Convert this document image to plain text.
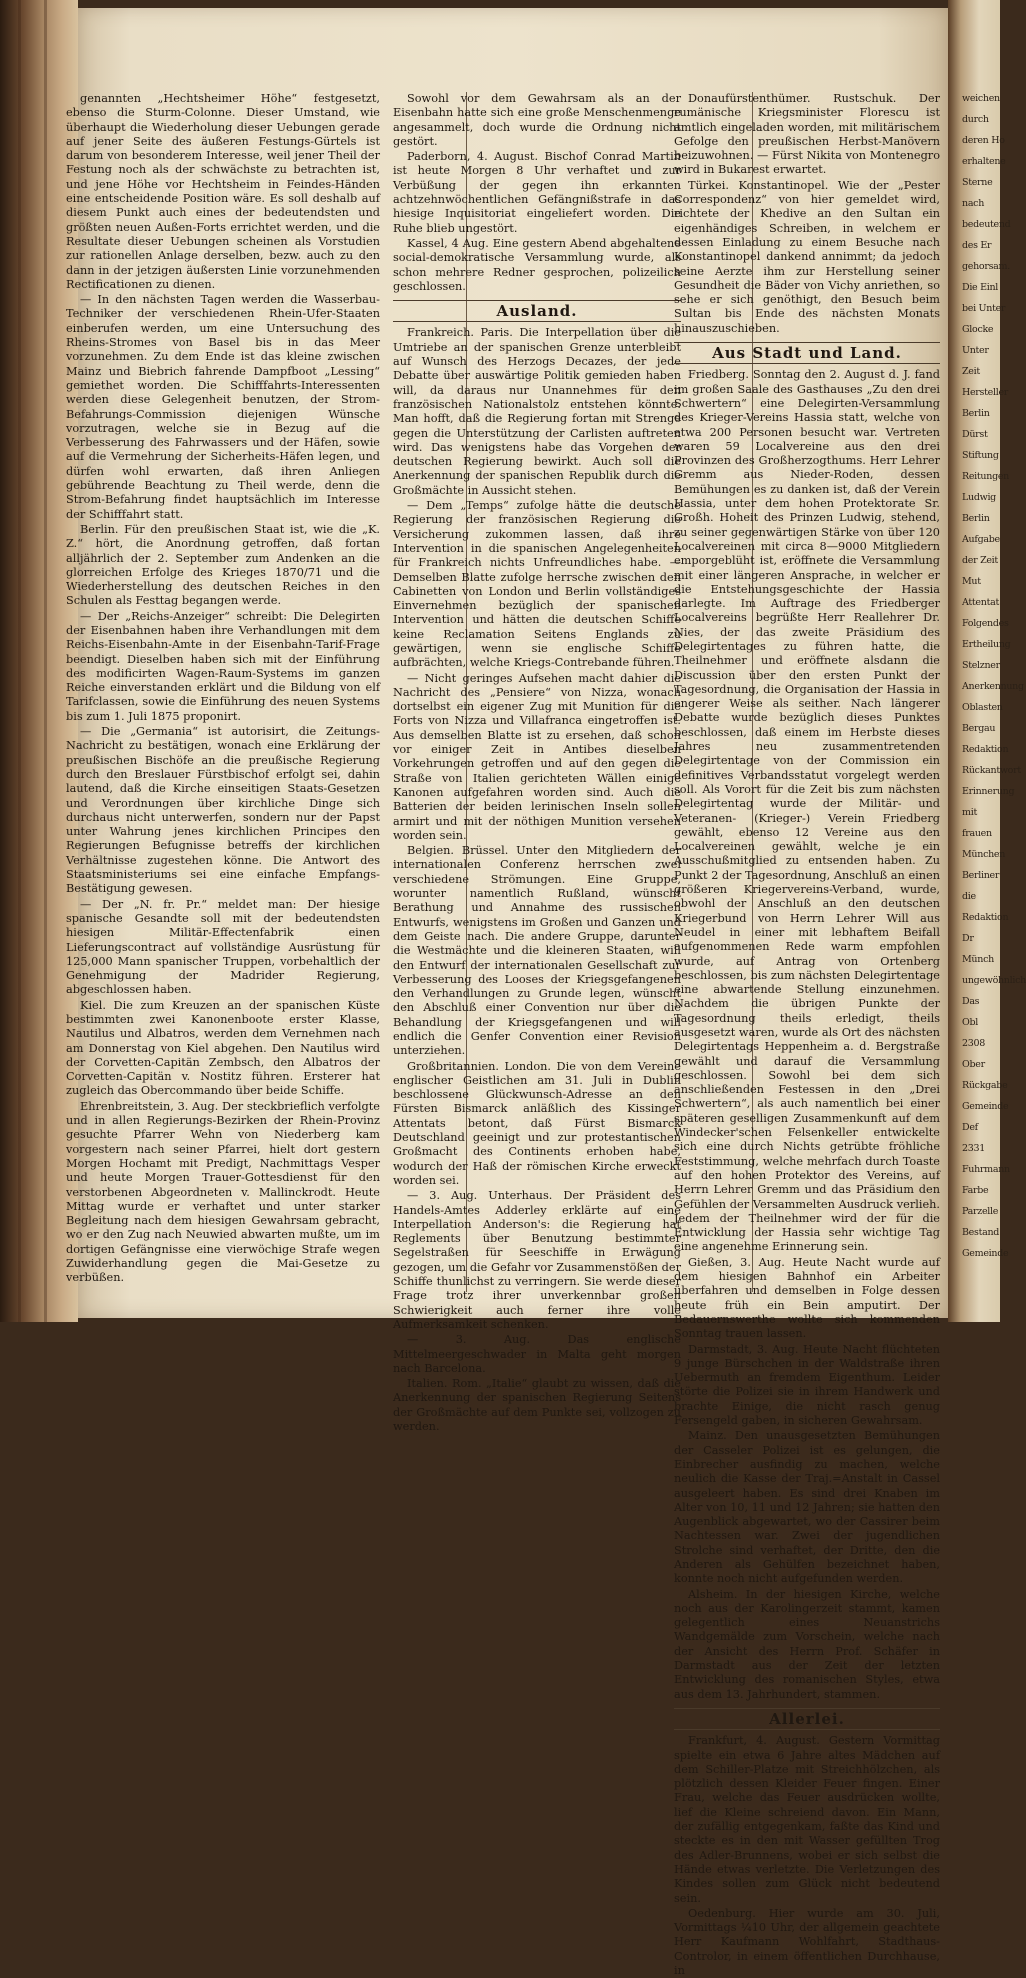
genannten „Hechtsheimer Höhe“ festgesetzt, ebenso die Sturm-Colonne. Dieser Umstand, wie überhaupt die Wiederholung dieser Uebungen gerade auf jener Seite des äußeren Festungs-Gürtels ist darum von besonderem Interesse, weil jener Theil der Festung noch als der schwächste zu betrachten ist, und jene Höhe vor Hechtsheim in Feindes-Händen eine entscheidende Position wäre. Es soll deshalb auf diesem Punkt auch eines der bedeutendsten und größten neuen Außen-Forts errichtet werden, und die Resultate dieser Uebungen scheinen als Vorstudien zur rationellen Anlage derselben, bezw. auch zu den dann in der jetzigen äußersten Linie vorzunehmenden Rectificationen zu dienen.

— In den nächsten Tagen werden die Wasserbau-Techniker der verschiedenen Rhein-Ufer-Staaten einberufen werden, um eine Untersuchung des Rheins-Stromes von Basel bis in das Meer vorzunehmen. Zu dem Ende ist das kleine zwischen Mainz und Biebrich fahrende Dampfboot „Lessing“ gemiethet worden. Die Schifffahrts-Interessenten werden diese Gelegenheit benutzen, der Strom-Befahrungs-Commission diejenigen Wünsche vorzutragen, welche sie in Bezug auf die Verbesserung des Fahrwassers und der Häfen, sowie auf die Vermehrung der Sicherheits-Häfen legen, und dürfen wohl erwarten, daß ihren Anliegen gebührende Beachtung zu Theil werde, denn die Strom-Befahrung findet hauptsächlich im Interesse der Schifffahrt statt.

Berlin. Für den preußischen Staat ist, wie die „K. Z.“ hört, die Anordnung getroffen, daß fortan alljährlich der 2. September zum Andenken an die glorreichen Erfolge des Krieges 1870/71 und die Wiederherstellung des deutschen Reiches in den Schulen als Festtag begangen werde.

— Der „Reichs-Anzeiger“ schreibt: Die Delegirten der Eisenbahnen haben ihre Verhandlungen mit dem Reichs-Eisenbahn-Amte in der Eisenbahn-Tarif-Frage beendigt. Dieselben haben sich mit der Einführung des modificirten Wagen-Raum-Systems im ganzen Reiche einverstanden erklärt und die Bildung von elf Tarifclassen, sowie die Einführung des neuen Systems bis zum 1. Juli 1875 proponirt.

— Die „Germania“ ist autorisirt, die Zeitungs-Nachricht zu bestätigen, wonach eine Erklärung der preußischen Bischöfe an die preußische Regierung durch den Breslauer Fürstbischof erfolgt sei, dahin lautend, daß die Kirche einseitigen Staats-Gesetzen und Verordnungen über kirchliche Dinge sich durchaus nicht unterwerfen, sondern nur der Papst unter Wahrung jenes kirchlichen Principes den Regierungen Befugnisse betreffs der kirchlichen Verhältnisse zugestehen könne. Die Antwort des Staatsministeriums sei eine einfache Empfangs-Bestätigung gewesen.

— Der „N. fr. Pr.“ meldet man: Der hiesige spanische Gesandte soll mit der bedeutendsten hiesigen Militär-Effectenfabrik einen Lieferungscontract auf vollständige Ausrüstung für 125,000 Mann spanischer Truppen, vorbehaltlich der Genehmigung der Madrider Regierung, abgeschlossen haben.

Kiel. Die zum Kreuzen an der spanischen Küste bestimmten zwei Kanonenboote erster Klasse, Nautilus und Albatros, werden dem Vernehmen nach am Donnerstag von Kiel abgehen. Den Nautilus wird der Corvetten-Capitän Zembsch, den Albatros der Corvetten-Capitän v. Nostitz führen. Ersterer hat zugleich das Obercommando über beide Schiffe.

Ehrenbreitstein, 3. Aug. Der steckbrieflich verfolgte und in allen Regierungs-Bezirken der Rhein-Provinz gesuchte Pfarrer Wehn von Niederberg kam vorgestern nach seiner Pfarrei, hielt dort gestern Morgen Hochamt mit Predigt, Nachmittags Vesper und heute Morgen Trauer-Gottesdienst für den verstorbenen Abgeordneten v. Mallinckrodt. Heute Mittag wurde er verhaftet und unter starker Begleitung nach dem hiesigen Gewahrsam gebracht, wo er den Zug nach Neuwied abwarten mußte, um im dortigen Gefängnisse eine vierwöchige Strafe wegen Zuwiderhandlung gegen die Mai-Gesetze zu verbüßen.

Sowohl vor dem Gewahrsam als an der Eisenbahn hatte sich eine große Menschenmenge angesammelt, doch wurde die Ordnung nicht gestört.

Paderborn, 4. August. Bischof Conrad Martin ist heute Morgen 8 Uhr verhaftet und zur Verbüßung der gegen ihn erkannten achtzehnwöchentlichen Gefängnißstrafe in das hiesige Inquisitoriat eingeliefert worden. Die Ruhe blieb ungestört.

Kassel, 4 Aug. Eine gestern Abend abgehaltene social-demokratische Versammlung wurde, als schon mehrere Redner gesprochen, polizeilich geschlossen.

Ausland.

Frankreich. Paris. Die Interpellation über die Umtriebe an der spanischen Grenze unterbleibt auf Wunsch des Herzogs Decazes, der jede Debatte über auswärtige Politik gemieden haben will, da daraus nur Unannehmes für den französischen Nationalstolz entstehen könnte. Man hofft, daß die Regierung fortan mit Strenge gegen die Unterstützung der Carlisten auftreten wird. Das wenigstens habe das Vorgehen der deutschen Regierung bewirkt. Auch soll die Anerkennung der spanischen Republik durch die Großmächte in Aussicht stehen.

— Dem „Temps“ zufolge hätte die deutsche Regierung der französischen Regierung die Versicherung zukommen lassen, daß ihre Intervention in die spanischen Angelegenheiten für Frankreich nichts Unfreundliches habe. — Demselben Blatte zufolge herrsche zwischen den Cabinetten von London und Berlin vollständiges Einvernehmen bezüglich der spanischen Intervention und hätten die deutschen Schiffe keine Reclamation Seitens Englands zu gewärtigen, wenn sie englische Schiffe aufbrächten, welche Kriegs-Contrebande führen.

— Nicht geringes Aufsehen macht dahier die Nachricht des „Pensiere“ von Nizza, wonach dortselbst ein eigener Zug mit Munition für die Forts von Nizza und Villafranca eingetroffen ist. Aus demselben Blatte ist zu ersehen, daß schon vor einiger Zeit in Antibes dieselben Vorkehrungen getroffen und auf den gegen die Straße von Italien gerichteten Wällen einige Kanonen aufgefahren worden sind. Auch die Batterien der beiden lerinischen Inseln sollen armirt und mit der nöthigen Munition versehen worden sein.

Belgien. Brüssel. Unter den Mitgliedern der internationalen Conferenz herrschen zwei verschiedene Strömungen. Eine Gruppe, worunter namentlich Rußland, wünscht Berathung und Annahme des russischen Entwurfs, wenigstens im Großen und Ganzen und dem Geiste nach. Die andere Gruppe, darunter die Westmächte und die kleineren Staaten, will den Entwurf der internationalen Gesellschaft zur Verbesserung des Looses der Kriegsgefangenen den Verhandlungen zu Grunde legen, wünscht den Abschluß einer Convention nur über die Behandlung der Kriegsgefangenen und will endlich die Genfer Convention einer Revision unterziehen.

Großbritannien. London. Die von dem Vereine englischer Geistlichen am 31. Juli in Dublin beschlossene Glückwunsch-Adresse an den Fürsten Bismarck anläßlich des Kissinger Attentats betont, daß Fürst Bismarck Deutschland geeinigt und zur protestantischen Großmacht des Continents erhoben habe, wodurch der Haß der römischen Kirche erweckt worden sei.

— 3. Aug. Unterhaus. Der Präsident des Handels-Amtes Adderley erklärte auf eine Interpellation Anderson's: die Regierung hat Reglements über Benutzung bestimmter Segelstraßen für Seeschiffe in Erwägung gezogen, um die Gefahr vor Zusammenstößen der Schiffe thunlichst zu verringern. Sie werde dieser Frage trotz ihrer unverkennbar großen Schwierigkeit auch ferner ihre volle Aufmerksamkeit schenken.

— 3. Aug. Das englische Mittelmeergeschwader in Malta geht morgen nach Barcelona.

Italien. Rom. „Italie“ glaubt zu wissen, daß die Anerkennung der spanischen Regierung Seitens der Großmächte auf dem Punkte sei, vollzogen zu werden.

Donaufürstenthümer. Rustschuk. Der rumänische Kriegsminister Florescu ist amtlich eingeladen worden, mit militärischem Gefolge den preußischen Herbst-Manövern beizuwohnen. — Fürst Nikita von Montenegro wird in Bukarest erwartet.

Türkei. Konstantinopel. Wie der „Pester Correspondenz“ von hier gemeldet wird, richtete der Khedive an den Sultan ein eigenhändiges Schreiben, in welchem er dessen Einladung zu einem Besuche nach Konstantinopel dankend annimmt; da jedoch seine Aerzte ihm zur Herstellung seiner Gesundheit die Bäder von Vichy anriethen, so sehe er sich genöthigt, den Besuch beim Sultan bis Ende des nächsten Monats hinauszuschieben.

Aus Stadt und Land.

Friedberg. Sonntag den 2. August d. J. fand im großen Saale des Gasthauses „Zu den drei Schwertern“ eine Delegirten-Versammlung des Krieger-Vereins Hassia statt, welche von etwa 200 Personen besucht war. Vertreten waren 59 Localvereine aus den drei Provinzen des Großherzogthums. Herr Lehrer Gremm aus Nieder-Roden, dessen Bemühungen es zu danken ist, daß der Verein Hassia, unter dem hohen Protektorate Sr. Großh. Hoheit des Prinzen Ludwig, stehend, zu seiner gegenwärtigen Stärke von über 120 Localvereinen mit circa 8—9000 Mitgliedern emporgeblüht ist, eröffnete die Versammlung mit einer längeren Ansprache, in welcher er die Entstehungsgeschichte der Hassia darlegte. Im Auftrage des Friedberger Localvereins begrüßte Herr Reallehrer Dr. Nies, der das zweite Präsidium des Delegirtentages zu führen hatte, die Theilnehmer und eröffnete alsdann die Discussion über den ersten Punkt der Tagesordnung, die Organisation der Hassia in engerer Weise als seither. Nach längerer Debatte wurde bezüglich dieses Punktes beschlossen, daß einem im Herbste dieses Jahres neu zusammentretenden Delegirtentage von der Commission ein definitives Verbandsstatut vorgelegt werden soll. Als Vorort für die Zeit bis zum nächsten Delegirtentag wurde der Militär- und Veteranen- (Krieger-) Verein Friedberg gewählt, ebenso 12 Vereine aus den Localvereinen gewählt, welche je ein Ausschußmitglied zu entsenden haben. Zu Punkt 2 der Tagesordnung, Anschluß an einen größeren Kriegervereins-Verband, wurde, obwohl der Anschluß an den deutschen Kriegerbund von Herrn Lehrer Will aus Neudel in einer mit lebhaftem Beifall aufgenommenen Rede warm empfohlen wurde, auf Antrag von Ortenberg beschlossen, bis zum nächsten Delegirtentage eine abwartende Stellung einzunehmen. Nachdem die übrigen Punkte der Tagesordnung theils erledigt, theils ausgesetzt waren, wurde als Ort des nächsten Delegirtentags Heppenheim a. d. Bergstraße gewählt und darauf die Versammlung geschlossen. Sowohl bei dem sich anschließenden Festessen in den „Drei Schwertern“, als auch namentlich bei einer späteren geselligen Zusammenkunft auf dem Windecker'schen Felsenkeller entwickelte sich eine durch Nichts getrübte fröhliche Feststimmung, welche mehrfach durch Toaste auf den hohen Protektor des Vereins, auf Herrn Lehrer Gremm und das Präsidium den Gefühlen der Versammelten Ausdruck verlieh. Jedem der Theilnehmer wird der für die Entwicklung der Hassia sehr wichtige Tag eine angenehme Erinnerung sein.

Gießen, 3. Aug. Heute Nacht wurde auf dem hiesigen Bahnhof ein Arbeiter überfahren und demselben in Folge dessen heute früh ein Bein amputirt. Der Bedauernswerthe wollte sich kommenden Sonntag trauen lassen.

Darmstadt, 3. Aug. Heute Nacht flüchteten 9 junge Bürschchen in der Waldstraße ihren Uebermuth an fremdem Eigenthum. Leider störte die Polizei sie in ihrem Handwerk und brachte Einige, die nicht rasch genug Fersengeld gaben, in sicheren Gewahrsam.

Mainz. Den unausgesetzten Bemühungen der Casseler Polizei ist es gelungen, die Einbrecher ausfindig zu machen, welche neulich die Kasse der Traj.=Anstalt in Cassel ausgeleert haben. Es sind drei Knaben im Alter von 10, 11 und 12 Jahren; sie hatten den Augenblick abgewartet, wo der Cassirer beim Nachtessen war. Zwei der jugendlichen Strolche sind verhaftet, der Dritte, den die Anderen als Gehülfen bezeichnet haben, konnte noch nicht aufgefunden werden.

Alsheim. In der hiesigen Kirche, welche noch aus der Karolingerzeit stammt, kamen gelegentlich eines Neuanstrichs Wandgemälde zum Vorschein, welche nach der Ansicht des Herrn Prof. Schäfer in Darmstadt aus der Zeit der letzten Entwicklung des romanischen Styles, etwa aus dem 13. Jahrhundert, stammen.

Allerlei.

Frankfurt, 4. August. Gestern Vormittag spielte ein etwa 6 Jahre altes Mädchen auf dem Schiller-Platze mit Streichhölzchen, als plötzlich dessen Kleider Feuer fingen. Einer Frau, welche das Feuer ausdrücken wollte, lief die Kleine schreiend davon. Ein Mann, der zufällig entgegenkam, faßte das Kind und steckte es in den mit Wasser gefüllten Trog des Adler-Brunnens, wobei er sich selbst die Hände etwas verletzte. Die Verletzungen des Kindes sollen zum Glück nicht bedeutend sein.

Oedenburg. Hier wurde am 30. Juli, Vormittags ¼10 Uhr, der allgemein geachtete Herr Kaufmann Wohlfahrt, Stadthaus-Controlor, in einem öffentlichen Durchhause, in

weichen
durch
deren Ho
erhaltene
Sterne
nach
bedeutend
des Er
gehorsam.
Die Einl
bei Unter
Glocke
Unter
Zeit
Hersteller
Berlin
Dürst
Stiftung
Reitungen
Ludwig
Berlin
Aufgabe
der Zeit
Mut
Attentat
Folgendes
Ertheilung
Stelzner
Anerkennung
Oblasten
Bergau
Redaktion
Rückantwort
Erinnerung
mit
frauen
München
Berliner
die
Redaktion
Dr
Münch
ungewöhnlich
Das
Obl
2308
Ober
Rückgabe
Gemeinde
Def
2331
Fuhrmann
Farbe
Parzelle
Bestand
Gemeinde
